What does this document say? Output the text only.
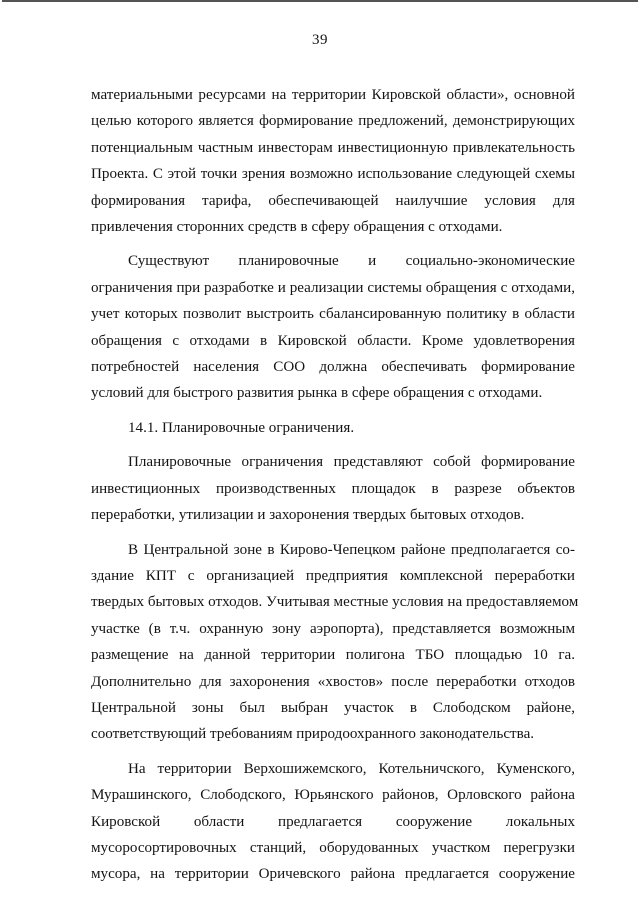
39
материальными ресурсами на территории Кировской области», основной
целью которого является формирование предложений, демонстрирующих
потенциальным частным инвесторам инвестиционную привлекательность
Проекта. С этой точки зрения возможно использование следующей схемы
формирования тарифа, обеспечивающей наилучшие условия для
привлечения сторонних средств в сферу обращения с отходами.
Существуют планировочные и социально-экономические
ограничения при разработке и реализации системы обращения с отходами,
учет которых позволит выстроить сбалансированную политику в области
обращения с отходами в Кировской области. Кроме удовлетворения
потребностей населения СОО должна обеспечивать формирование
условий для быстрого развития рынка в сфере обращения с отходами.
14.1. Планировочные ограничения.
Планировочные ограничения представляют собой формирование
инвестиционных производственных площадок в разрезе объектов
переработки, утилизации и захоронения твердых бытовых отходов.
В Центральной зоне в Кирово-Чепецком районе предполагается со-
здание КПТ с организацией предприятия комплексной переработки
твердых бытовых отходов. Учитывая местные условия на предоставляемом
участке (в т.ч. охранную зону аэропорта), представляется возможным
размещение на данной территории полигона ТБО площадью 10 га.
Дополнительно для захоронения «хвостов» после переработки отходов
Центральной зоны был выбран участок в Слободском районе,
соответствующий требованиям природоохранного законодательства.
На территории Верхошижемского, Котельничского, Куменского,
Мурашинского, Слободского, Юрьянского районов, Орловского района
Кировской области предлагается сооружение локальных
мусоросортировочных станций, оборудованных участком перегрузки
мусора, на территории Оричевского района предлагается сооружение
